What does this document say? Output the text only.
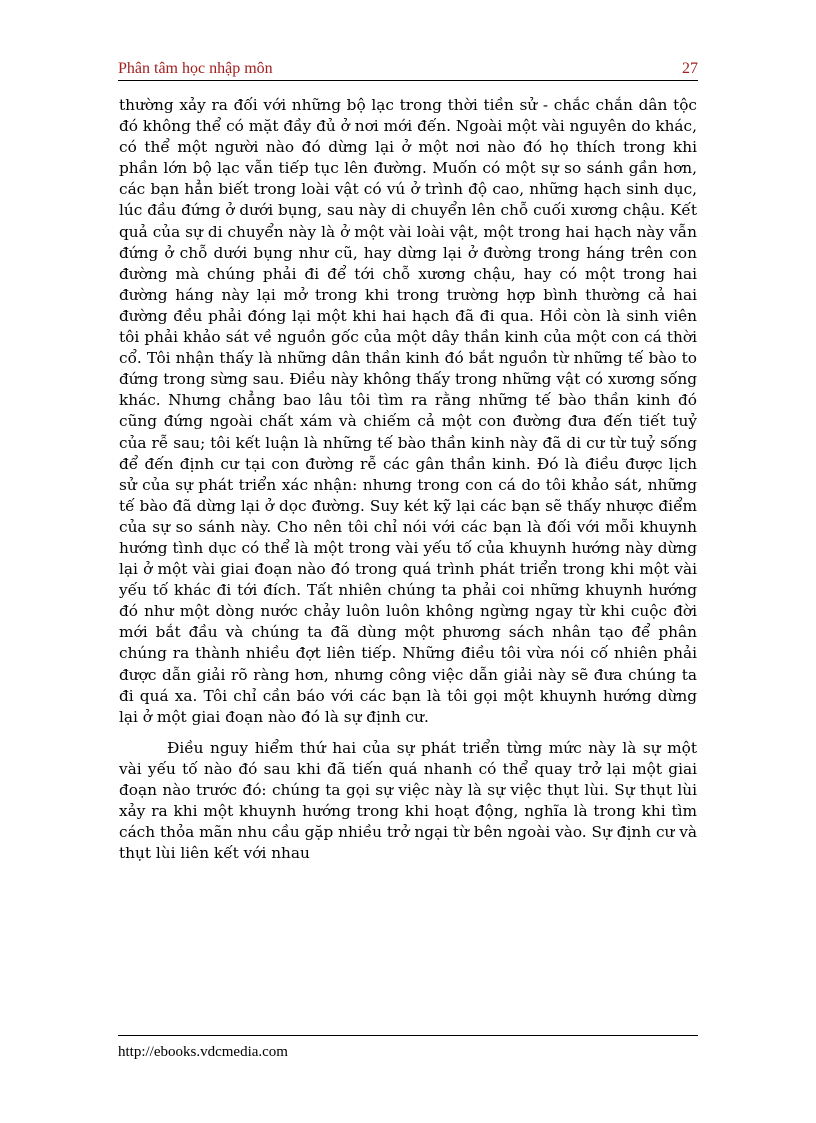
Phân tâm học nhập môn	27

thường xảy ra đối với những bộ lạc trong thời tiền sử - chắc chắn dân tộc đó không thể có mặt đầy đủ ở nơi mới đến. Ngoài một vài nguyên do khác, có thể một người nào đó dừng lại ở một nơi nào đó họ thích trong khi phần lớn bộ lạc vẫn tiếp tục lên đường. Muốn có một sự so sánh gần hơn, các bạn hẳn biết trong loài vật có vú ở trình độ cao, những hạch sinh dục, lúc đầu đứng ở dưới bụng, sau này di chuyển lên chỗ cuối xương chậu. Kết quả của sự di chuyển này là ở một vài loài vật, một trong hai hạch này vẫn đứng ở chỗ dưới bụng như cũ, hay dừng lại ở đường trong háng trên con đường mà chúng phải đi để tới chỗ xương chậu, hay có một trong hai đường háng này lại mở trong khi trong trường hợp bình thường cả hai đường đều phải đóng lại một khi hai hạch đã đi qua. Hồi còn là sinh viên tôi phải khảo sát về nguồn gốc của một dây thần kinh của một con cá thời cổ. Tôi nhận thấy là những dân thần kinh đó bắt nguồn từ những tế bào to đứng trong sừng sau. Điều này không thấy trong những vật có xương sống khác. Nhưng chẳng bao lâu tôi tìm ra rằng những tế bào thần kinh đó cũng đứng ngoài chất xám và chiếm cả một con đường đưa đến tiết tuỷ của rễ sau; tôi kết luận là những tế bào thần kinh này đã di cư từ tuỷ sống để đến định cư tại con đường rễ các gân thần kinh. Đó là điều được lịch sử của sự phát triển xác nhận: nhưng trong con cá do tôi khảo sát, những tế bào đã dừng lại ở dọc đường. Suy két kỹ lại các bạn sẽ thấy nhược điểm của sự so sánh này. Cho nên tôi chỉ nói với các bạn là đối với mỗi khuynh hướng tình dục có thể là một trong vài yếu tố của khuynh hướng này dừng lại ở một vài giai đoạn nào đó trong quá trình phát triển trong khi một vài yếu tố khác đi tới đích. Tất nhiên chúng ta phải coi những khuynh hướng đó như một dòng nước chảy luôn luôn không ngừng ngay từ khi cuộc đời mới bắt đầu và chúng ta đã dùng một phương sách nhân tạo để phân chúng ra thành nhiều đợt liên tiếp. Những điều tôi vừa nói cố nhiên phải được dẫn giải rõ ràng hơn, nhưng công việc dẫn giải này sẽ đưa chúng ta đi quá xa. Tôi chỉ cần báo với các bạn là tôi gọi một khuynh hướng dừng lại ở một giai đoạn nào đó là sự định cư.

Điều nguy hiểm thứ hai của sự phát triển từng mức này là sự một vài yếu tố nào đó sau khi đã tiến quá nhanh có thể quay trở lại một giai đoạn nào trước đó: chúng ta gọi sự việc này là sự việc thụt lùi. Sự thụt lùi xảy ra khi một khuynh hướng trong khi hoạt động, nghĩa là trong khi tìm cách thỏa mãn nhu cầu gặp nhiều trở ngại từ bên ngoài vào. Sự định cư và thụt lùi liên kết với nhau

http://ebooks.vdcmedia.com
